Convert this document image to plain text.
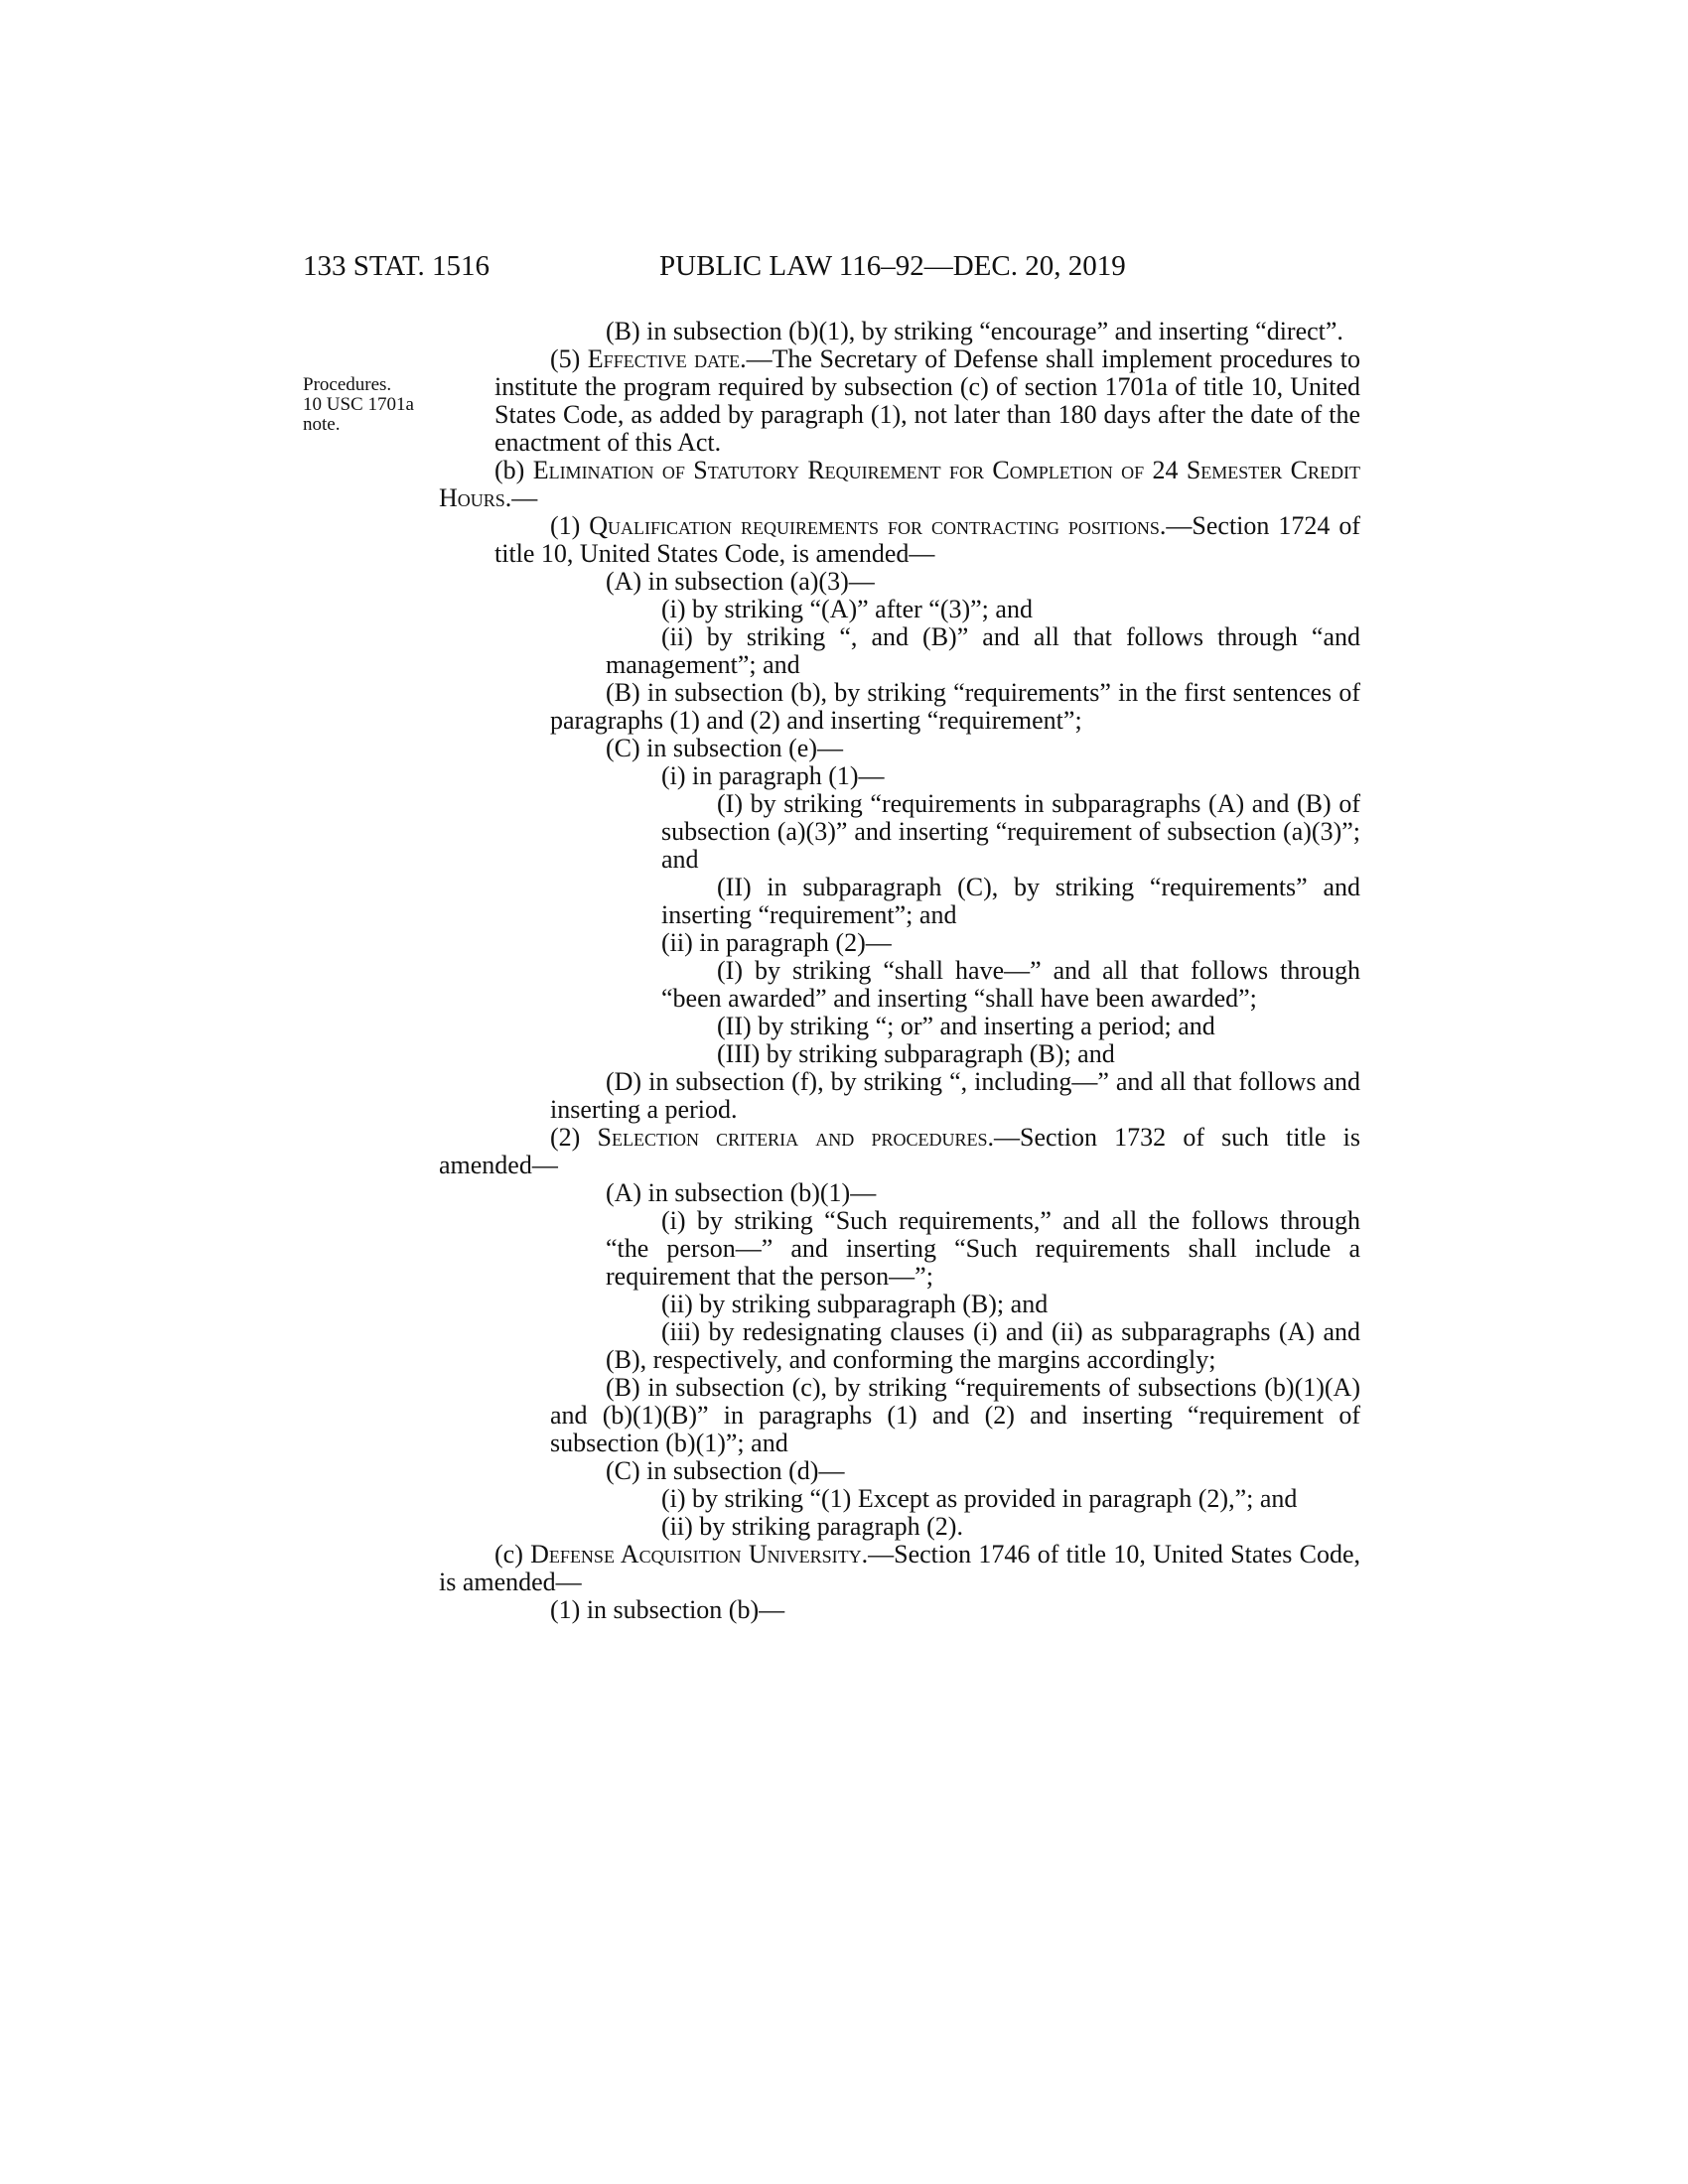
133 STAT. 1516	PUBLIC LAW 116–92—DEC. 20, 2019
Procedures.
10 USC 1701a
note.

(B) in subsection (b)(1), by striking “encourage” and inserting “direct”.

(5) Effective date.—The Secretary of Defense shall implement procedures to institute the program required by subsection (c) of section 1701a of title 10, United States Code, as added by paragraph (1), not later than 180 days after the date of the enactment of this Act.

(b) Elimination of Statutory Requirement for Completion of 24 Semester Credit Hours.—

(1) Qualification requirements for contracting positions.—Section 1724 of title 10, United States Code, is amended—

(A) in subsection (a)(3)—

(i) by striking “(A)” after “(3)”; and

(ii) by striking “, and (B)” and all that follows through “and management”; and

(B) in subsection (b), by striking “requirements” in the first sentences of paragraphs (1) and (2) and inserting “requirement”;

(C) in subsection (e)—

(i) in paragraph (1)—

(I) by striking “requirements in subparagraphs (A) and (B) of subsection (a)(3)” and inserting “requirement of subsection (a)(3)”; and

(II) in subparagraph (C), by striking “requirements” and inserting “requirement”; and

(ii) in paragraph (2)—

(I) by striking “shall have—” and all that follows through “been awarded” and inserting “shall have been awarded”;

(II) by striking “; or” and inserting a period; and

(III) by striking subparagraph (B); and

(D) in subsection (f), by striking “, including—” and all that follows and inserting a period.

(2) Selection criteria and procedures.—Section 1732 of such title is amended—

(A) in subsection (b)(1)—

(i) by striking “Such requirements,” and all the follows through “the person—” and inserting “Such requirements shall include a requirement that the person—”;

(ii) by striking subparagraph (B); and

(iii) by redesignating clauses (i) and (ii) as subparagraphs (A) and (B), respectively, and conforming the margins accordingly;

(B) in subsection (c), by striking “requirements of subsections (b)(1)(A) and (b)(1)(B)” in paragraphs (1) and (2) and inserting “requirement of subsection (b)(1)”; and

(C) in subsection (d)—

(i) by striking “(1) Except as provided in paragraph (2),”; and

(ii) by striking paragraph (2).

(c) Defense Acquisition University.—Section 1746 of title 10, United States Code, is amended—

(1) in subsection (b)—
